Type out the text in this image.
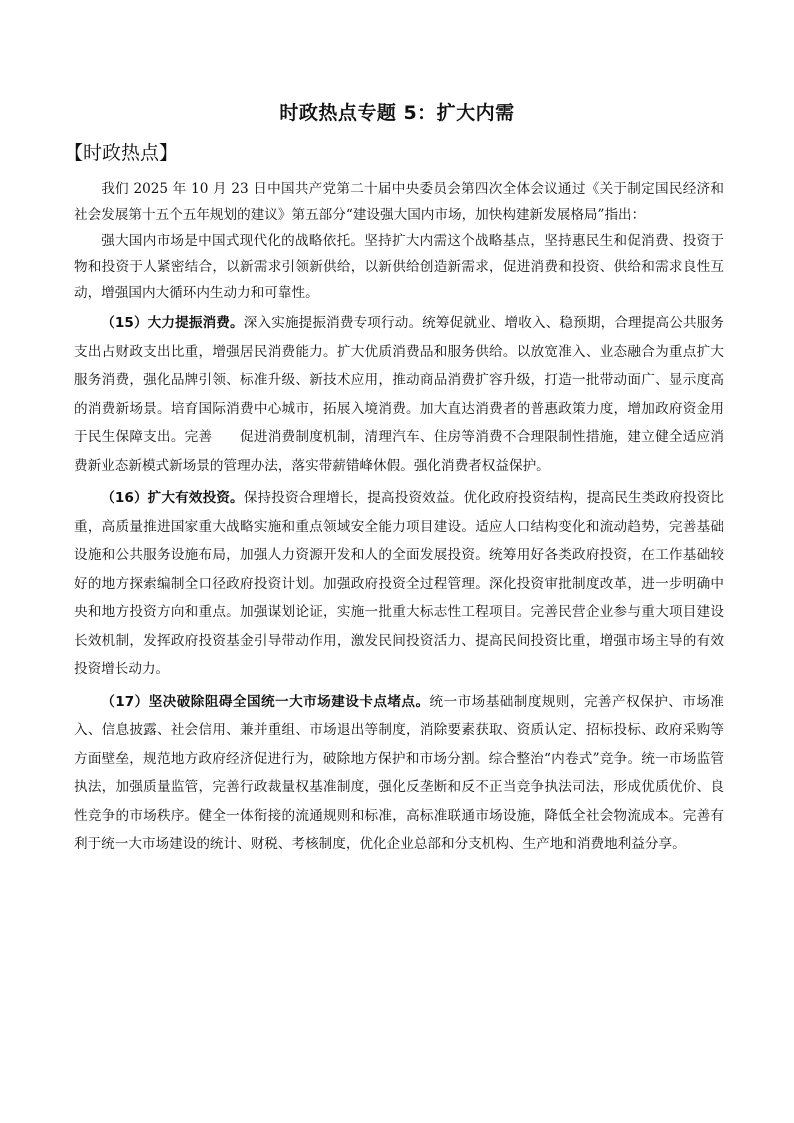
时政热点专题 5：扩大内需
【时政热点】

我们 2025 年 10 月 23 日中国共产党第二十届中央委员会第四次全体会议通过《关于制定国民经济和社会发展第十五个五年规划的建议》第五部分“建设强大国内市场，加快构建新发展格局”指出：

强大国内市场是中国式现代化的战略依托。坚持扩大内需这个战略基点，坚持惠民生和促消费、投资于物和投资于人紧密结合，以新需求引领新供给，以新供给创造新需求，促进消费和投资、供给和需求良性互动，增强国内大循环内生动力和可靠性。

（15）大力提振消费。深入实施提振消费专项行动。统筹促就业、增收入、稳预期，合理提高公共服务支出占财政支出比重，增强居民消费能力。扩大优质消费品和服务供给。以放宽准入、业态融合为重点扩大服务消费，强化品牌引领、标准升级、新技术应用，推动商品消费扩容升级，打造一批带动面广、显示度高的消费新场景。培育国际消费中心城市，拓展入境消费。加大直达消费者的普惠政策力度，增加政府资金用于民生保障支出。完善　　促进消费制度机制，清理汽车、住房等消费不合理限制性措施，建立健全适应消费新业态新模式新场景的管理办法，落实带薪错峰休假。强化消费者权益保护。

（16）扩大有效投资。保持投资合理增长，提高投资效益。优化政府投资结构，提高民生类政府投资比重，高质量推进国家重大战略实施和重点领域安全能力项目建设。适应人口结构变化和流动趋势，完善基础设施和公共服务设施布局，加强人力资源开发和人的全面发展投资。统筹用好各类政府投资，在工作基础较好的地方探索编制全口径政府投资计划。加强政府投资全过程管理。深化投资审批制度改革，进一步明确中央和地方投资方向和重点。加强谋划论证，实施一批重大标志性工程项目。完善民营企业参与重大项目建设长效机制，发挥政府投资基金引导带动作用，激发民间投资活力、提高民间投资比重，增强市场主导的有效投资增长动力。

（17）坚决破除阻碍全国统一大市场建设卡点堵点。统一市场基础制度规则，完善产权保护、市场准入、信息披露、社会信用、兼并重组、市场退出等制度，消除要素获取、资质认定、招标投标、政府采购等方面壁垒，规范地方政府经济促进行为，破除地方保护和市场分割。综合整治“内卷式”竞争。统一市场监管执法，加强质量监管，完善行政裁量权基准制度，强化反垄断和反不正当竞争执法司法，形成优质优价、良性竞争的市场秩序。健全一体衔接的流通规则和标准，高标准联通市场设施，降低全社会物流成本。完善有利于统一大市场建设的统计、财税、考核制度，优化企业总部和分支机构、生产地和消费地利益分享。
